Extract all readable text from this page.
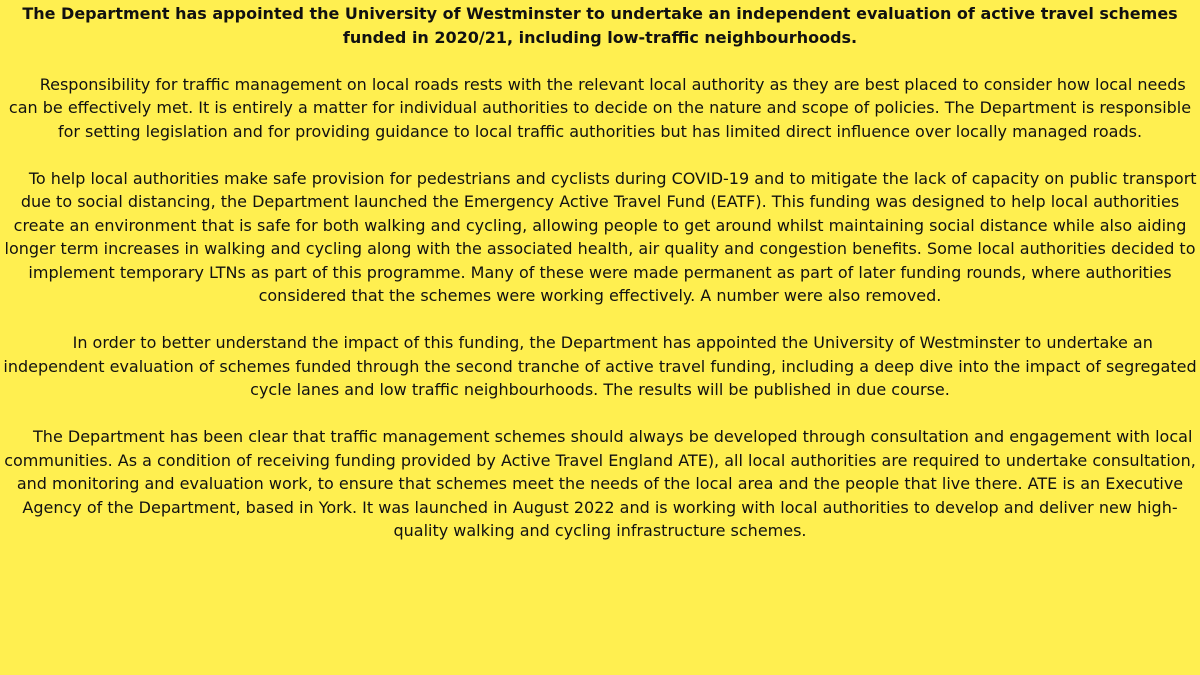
The Department has appointed the University of Westminster to undertake an independent evaluation of active travel schemes funded in 2020/21, including low-traffic neighbourhoods.
Responsibility for traffic management on local roads rests with the relevant local authority as they are best placed to consider how local needs can be effectively met. It is entirely a matter for individual authorities to decide on the nature and scope of policies. The Department is responsible for setting legislation and for providing guidance to local traffic authorities but has limited direct influence over locally managed roads.
To help local authorities make safe provision for pedestrians and cyclists during COVID-19 and to mitigate the lack of capacity on public transport due to social distancing, the Department launched the Emergency Active Travel Fund (EATF). This funding was designed to help local authorities create an environment that is safe for both walking and cycling, allowing people to get around whilst maintaining social distance while also aiding longer term increases in walking and cycling along with the associated health, air quality and congestion benefits. Some local authorities decided to implement temporary LTNs as part of this programme. Many of these were made permanent as part of later funding rounds, where authorities considered that the schemes were working effectively. A number were also removed.
In order to better understand the impact of this funding, the Department has appointed the University of Westminster to undertake an independent evaluation of schemes funded through the second tranche of active travel funding, including a deep dive into the impact of segregated cycle lanes and low traffic neighbourhoods. The results will be published in due course.
The Department has been clear that traffic management schemes should always be developed through consultation and engagement with local communities. As a condition of receiving funding provided by Active Travel England ATE), all local authorities are required to undertake consultation, and monitoring and evaluation work, to ensure that schemes meet the needs of the local area and the people that live there. ATE is an Executive Agency of the Department, based in York. It was launched in August 2022 and is working with local authorities to develop and deliver new high-quality walking and cycling infrastructure schemes.
